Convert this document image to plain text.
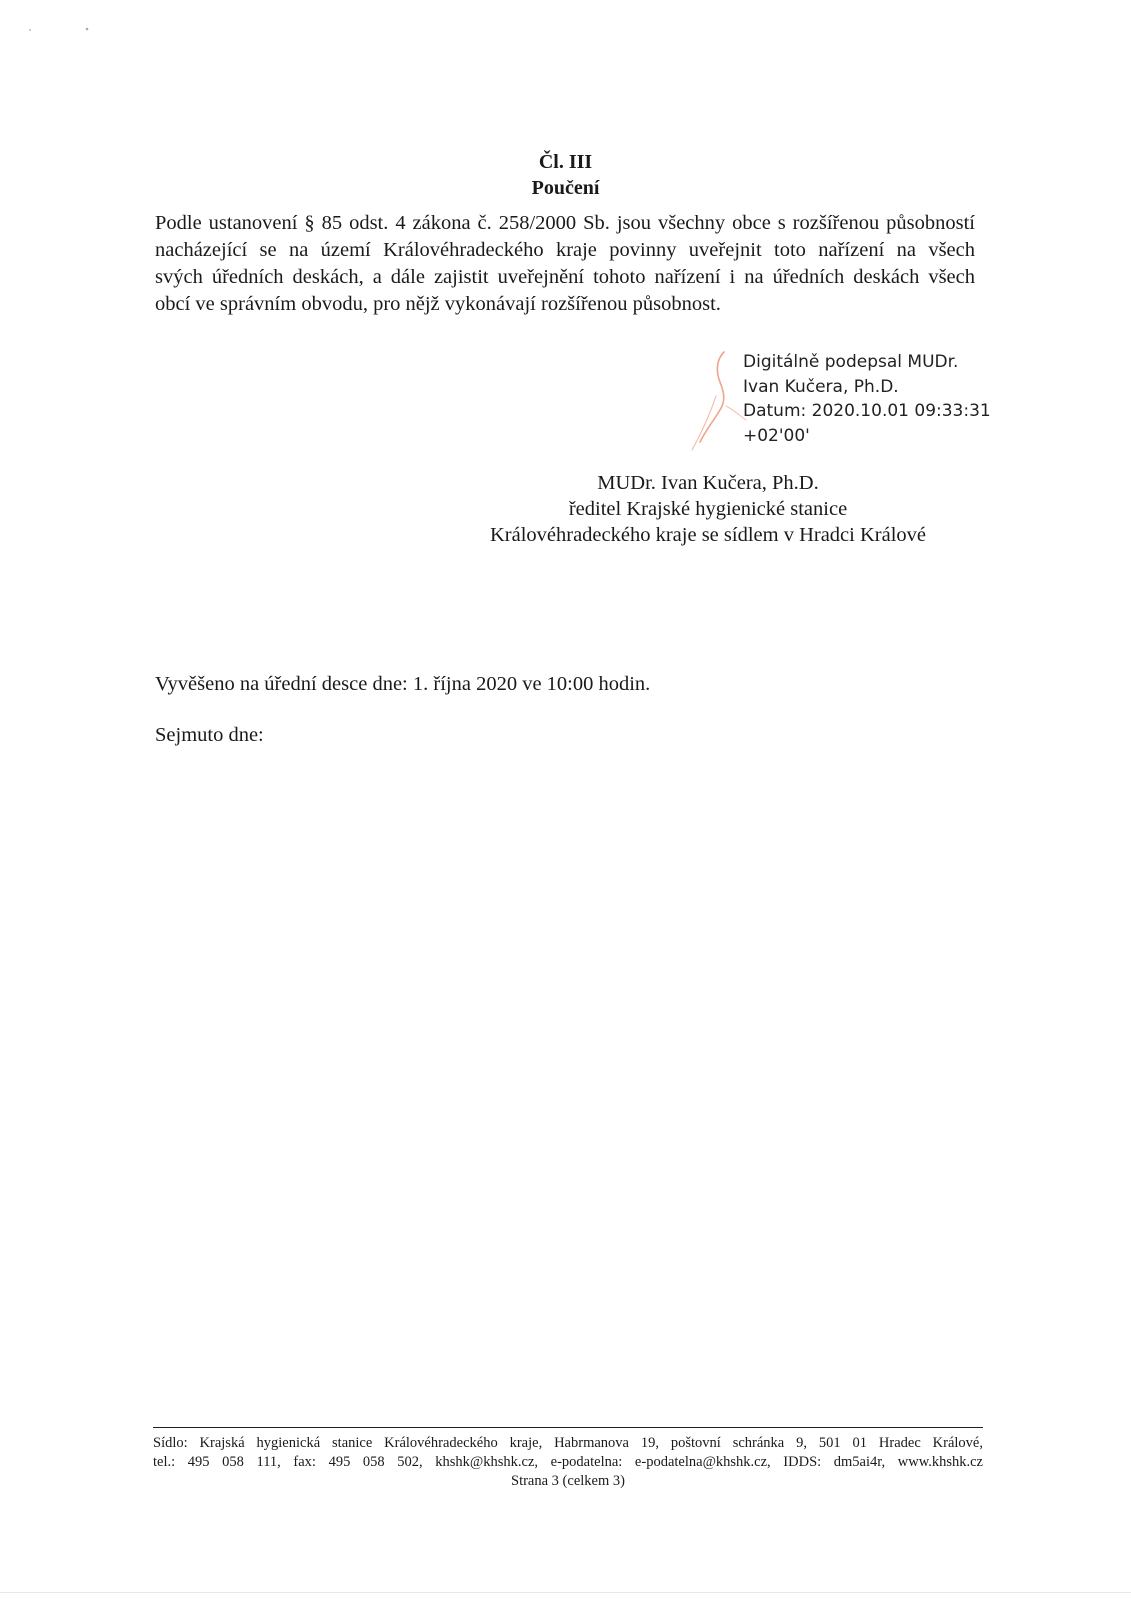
Čl. III
Poučení
Podle ustanovení § 85 odst. 4 zákona č. 258/2000 Sb. jsou všechny obce s rozšířenou působností
nacházející se na území Královéhradeckého kraje povinny uveřejnit toto nařízení na všech
svých úředních deskách, a dále zajistit uveřejnění tohoto nařízení i na úředních deskách všech
obcí ve správním obvodu, pro nějž vykonávají rozšířenou působnost.
Digitálně podepsal MUDr.
Ivan Kučera, Ph.D.
Datum: 2020.10.01 09:33:31
+02'00'
MUDr. Ivan Kučera, Ph.D.
ředitel Krajské hygienické stanice
Královéhradeckého kraje se sídlem v Hradci Králové
Vyvěšeno na úřední desce dne: 1. října 2020 ve 10:00 hodin.
Sejmuto dne:
Sídlo: Krajská hygienická stanice Královéhradeckého kraje, Habrmanova 19, poštovní schránka 9, 501 01 Hradec Králové,
tel.: 495 058 111, fax: 495 058 502, khshk@khshk.cz, e-podatelna: e-podatelna@khshk.cz, IDDS: dm5ai4r, www.khshk.cz
Strana 3 (celkem 3)
